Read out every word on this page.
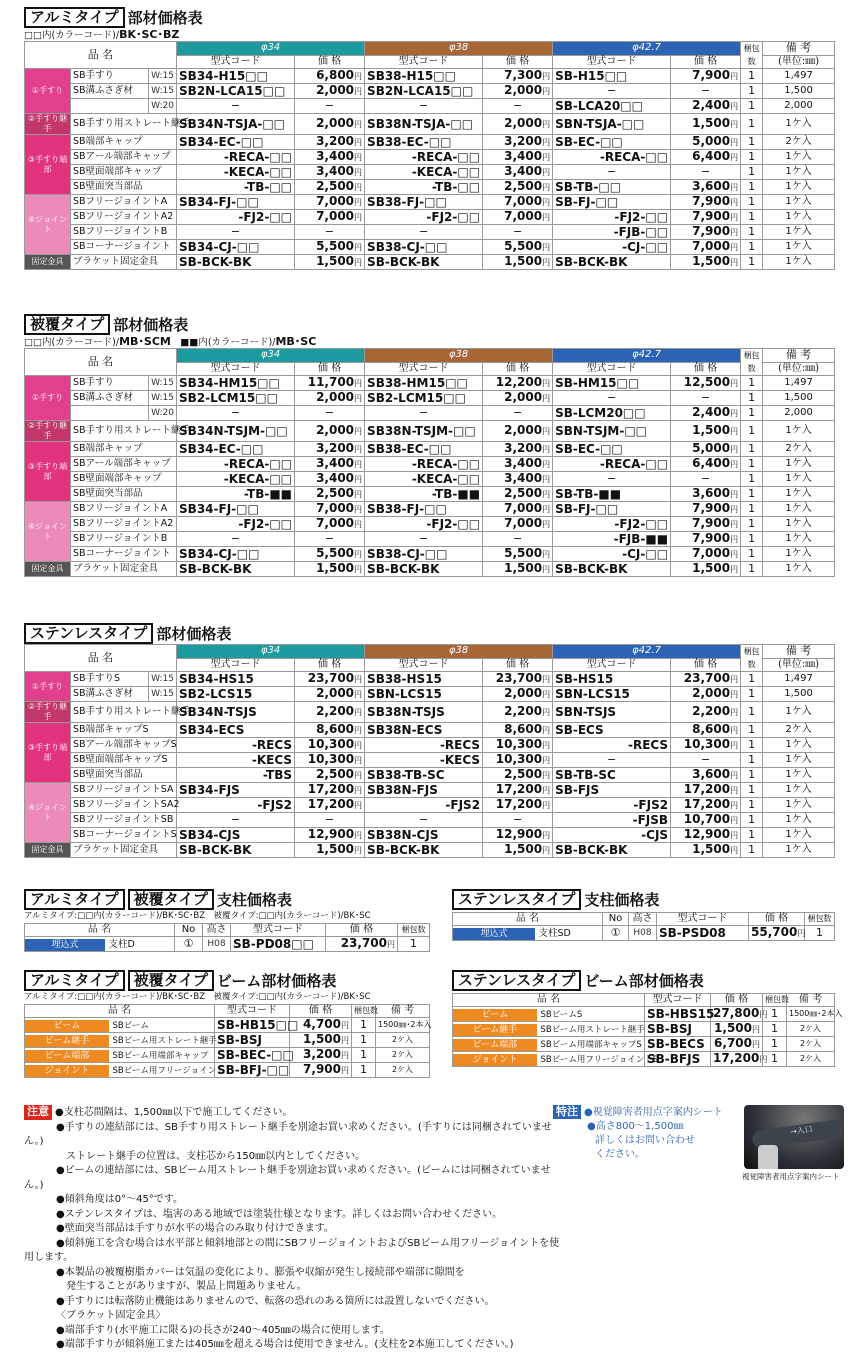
アルミタイプ 部材価格表
□□内(カラーコード)/BK･SC･BZ　
品 名			φ34		φ38		φ42.7		梱包数	備 考
			型式コード	価 格	型式コード	価 格	型式コード	価 格		(単位:㎜)
①手すり	SB手すり	W:15	SB34-H15□□	6,800円	SB38-H15□□	7,300円	SB-H15□□	7,900円	1	1,497
	SB溝ふさぎ材	W:15	SB2N-LCA15□□	2,000円	SB2N-LCA15□□	2,000円	−	−	1	1,500
		W:20	−	−	−	−	SB-LCA20□□	2,400円	1	2,000
②手すり継手	SB手すり用ストレート継手		SB34N-TSJA-□□	2,000円	SB38N-TSJA-□□	2,000円	SBN-TSJA-□□	1,500円	1	1ケ入
③手すり端部	SB端部キャップ		SB34-EC-□□	3,200円	SB38-EC-□□	3,200円	SB-EC-□□	5,000円	1	2ケ入
	SBアール端部キャップ		-RECA-□□	3,400円	-RECA-□□	3,400円	-RECA-□□	6,400円	1	1ケ入
	SB壁面端部キャップ		-KECA-□□	3,400円	-KECA-□□	3,400円	−	−	1	1ケ入
	SB壁面突当部品		-TB-□□	2,500円	-TB-□□	2,500円	SB-TB-□□	3,600円	1	1ケ入
④ジョイント	SBフリージョイントA		SB34-FJ-□□	7,000円	SB38-FJ-□□	7,000円	SB-FJ-□□	7,900円	1	1ケ入
	SBフリージョイントA2		-FJ2-□□	7,000円	-FJ2-□□	7,000円	-FJ2-□□	7,900円	1	1ケ入
	SBフリージョイントB		−	−	−	−	-FJB-□□	7,900円	1	1ケ入
	SBコーナージョイント		SB34-CJ-□□	5,500円	SB38-CJ-□□	5,500円	-CJ-□□	7,000円	1	1ケ入
固定金具	ブラケット固定金具		SB-BCK-BK	1,500円	SB-BCK-BK	1,500円	SB-BCK-BK	1,500円	1	1ケ入
被覆タイプ 部材価格表
□□内(カラーコード)/MB･SCM　 ■■内(カラーコード)/MB･SC
品 名			φ34		φ38		φ42.7		梱包数	備 考
			型式コード	価 格	型式コード	価 格	型式コード	価 格		(単位:㎜)
①手すり	SB手すり	W:15	SB34-HM15□□	11,700円	SB38-HM15□□	12,200円	SB-HM15□□	12,500円	1	1,497
	SB溝ふさぎ材	W:15	SB2-LCM15□□	2,000円	SB2-LCM15□□	2,000円	−	−	1	1,500
		W:20	−	−	−	−	SB-LCM20□□	2,400円	1	2,000
②手すり継手	SB手すり用ストレート継手		SB34N-TSJM-□□	2,000円	SB38N-TSJM-□□	2,000円	SBN-TSJM-□□	1,500円	1	1ケ入
③手すり端部	SB端部キャップ		SB34-EC-□□	3,200円	SB38-EC-□□	3,200円	SB-EC-□□	5,000円	1	2ケ入
	SBアール端部キャップ		-RECA-□□	3,400円	-RECA-□□	3,400円	-RECA-□□	6,400円	1	1ケ入
	SB壁面端部キャップ		-KECA-□□	3,400円	-KECA-□□	3,400円	−	−	1	1ケ入
	SB壁面突当部品		-TB-■■	2,500円	-TB-■■	2,500円	SB-TB-■■	3,600円	1	1ケ入
④ジョイント	SBフリージョイントA		SB34-FJ-□□	7,000円	SB38-FJ-□□	7,000円	SB-FJ-□□	7,900円	1	1ケ入
	SBフリージョイントA2		-FJ2-□□	7,000円	-FJ2-□□	7,000円	-FJ2-□□	7,900円	1	1ケ入
	SBフリージョイントB		−	−	−	−	-FJB-■■	7,900円	1	1ケ入
	SBコーナージョイント		SB34-CJ-□□	5,500円	SB38-CJ-□□	5,500円	-CJ-□□	7,000円	1	1ケ入
固定金具	ブラケット固定金具		SB-BCK-BK	1,500円	SB-BCK-BK	1,500円	SB-BCK-BK	1,500円	1	1ケ入
ステンレスタイプ 部材価格表
品 名			φ34		φ38		φ42.7		梱包数	備 考
			型式コード	価 格	型式コード	価 格	型式コード	価 格		(単位:㎜)
①手すり	SB手すりS	W:15	SB34-HS15	23,700円	SB38-HS15	23,700円	SB-HS15	23,700円	1	1,497
	SB溝ふさぎ材	W:15	SB2-LCS15	2,000円	SBN-LCS15	2,000円	SBN-LCS15	2,000円	1	1,500
②手すり継手	SB手すり用ストレート継手		SB34N-TSJS	2,200円	SB38N-TSJS	2,200円	SBN-TSJS	2,200円	1	1ケ入
③手すり端部	SB端部キャップS		SB34-ECS	8,600円	SB38N-ECS	8,600円	SB-ECS	8,600円	1	2ケ入
	SBアール端部キャップS		-RECS	10,300円	-RECS	10,300円	-RECS	10,300円	1	1ケ入
	SB壁面端部キャップS		-KECS	10,300円	-KECS	10,300円	−	−	1	1ケ入
	SB壁面突当部品		-TBS	2,500円	SB38-TB-SC	2,500円	SB-TB-SC	3,600円	1	1ケ入
④ジョイント	SBフリージョイントSA		SB34-FJS	17,200円	SB38N-FJS	17,200円	SB-FJS	17,200円	1	1ケ入
	SBフリージョイントSA2		-FJS2	17,200円	-FJS2	17,200円	-FJS2	17,200円	1	1ケ入
	SBフリージョイントSB		−	−	−	−	-FJSB	10,700円	1	1ケ入
	SBコーナージョイントS		SB34-CJS	12,900円	SB38N-CJS	12,900円	-CJS	12,900円	1	1ケ入
固定金具	ブラケット固定金具		SB-BCK-BK	1,500円	SB-BCK-BK	1,500円	SB-BCK-BK	1,500円	1	1ケ入
アルミタイプ	被覆タイプ 支柱価格表
アルミタイプ:□□内(カラーコード)/BK･SC･BZ　被覆タイプ:□□内(カラーコード)/BK･SC
品 名	No	高さ	型式コード	価 格	梱包数
埋込式 支柱D	①	H08	SB-PD08□□	23,700円	1
ステンレスタイプ 支柱価格表
品 名	No	高さ	型式コード	価 格	梱包数
埋込式 支柱SD	①	H08	SB-PSD08	55,700円	1
アルミタイプ	被覆タイプ ビーム部材価格表
アルミタイプ:□□内(カラーコード)/BK･SC･BZ　被覆タイプ:□□内(カラーコード)/BK･SC
品 名	型式コード	価 格	梱包数	備 考
ビーム SBビーム	SB-HB15□□	4,700円	1	1500㎜･2本入
ビーム継手 SBビーム用ストレート継手	SB-BSJ	1,500円	1	2ケ入
ビーム端部 SBビーム用端部キャップ	SB-BEC-□□	3,200円	1	2ケ入
ジョイント SBビーム用フリージョイント	SB-BFJ-□□	7,900円	1	2ケ入
ステンレスタイプ ビーム部材価格表
品 名	型式コード	価 格	梱包数	備 考
ビーム SBビームS	SB-HBS15	27,800円	1	1500㎜･2本入
ビーム継手 SBビーム用ストレート継手	SB-BSJ	1,500円	1	2ケ入
ビーム端部 SBビーム用端部キャップS	SB-BECS	6,700円	1	2ケ入
ジョイント SBビーム用フリージョイントS	SB-BFJS	17,200円	1	2ケ入
注意 ●支柱芯間隔は、1,500㎜以下で施工してください。
●手すりの連結部には、SB手すり用ストレート継手を別途お買い求めください。(手すりには同梱されていません。)
　ストレート継手の位置は、支柱芯から150㎜以内としてください。
●ビームの連結部には、SBビーム用ストレート継手を別途お買い求めください。(ビームには同梱されていません。)
●傾斜角度は0°〜45°です。
●ステンレスタイプは、塩害のある地域では塗装仕様となります。詳しくはお問い合わせください。
●壁面突当部品は手すりが水平の場合のみ取り付けできます。
●傾斜施工を含む場合は水平部と傾斜地部との間にSBフリージョイントおよびSBビーム用フリージョイントを使用します。
●本製品の被覆樹脂カバーは気温の変化により、膨張や収縮が発生し接続部や端部に隙間を
　発生することがありますが、製品上問題ありません。
●手すりには転落防止機能はありませんので、転落の恐れのある箇所には設置しないでください。
〈ブラケット固定金具〉
●端部手すり(水平施工に限る)の長さが240〜405㎜の場合に使用します。
●端部手すりが傾斜施工または405㎜を超える場合は使用できません。(支柱を2本施工してください。)
特注 ●視覚障害者用点字案内シート
●高さ800〜1,500㎜
詳しくはお問い合わせ
ください。
→入口
視覚障害者用点字案内シート
